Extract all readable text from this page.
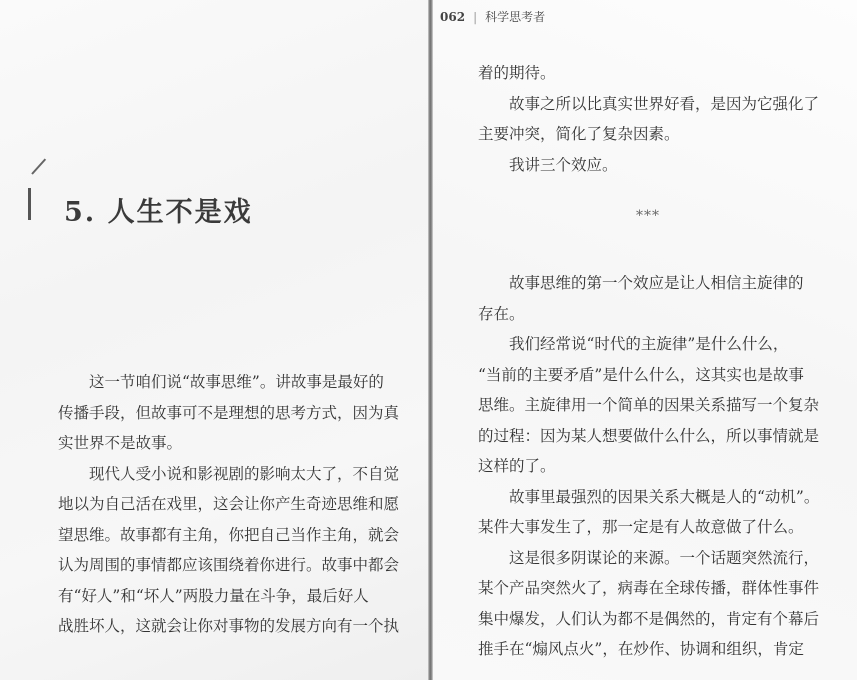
5. 人生不是戏

这一节咱们说“故事思维”。讲故事是最好的

传播手段，但故事可不是理想的思考方式，因为真

实世界不是故事。

现代人受小说和影视剧的影响太大了，不自觉

地以为自己活在戏里，这会让你产生奇迹思维和愿

望思维。故事都有主角，你把自己当作主角，就会

认为周围的事情都应该围绕着你进行。故事中都会

有“好人”和“坏人”两股力量在斗争，最后好人

战胜坏人，这就会让你对事物的发展方向有一个执

062 | 科学思考者

着的期待。

故事之所以比真实世界好看，是因为它强化了

主要冲突，简化了复杂因素。

我讲三个效应。

***

故事思维的第一个效应是让人相信主旋律的

存在。

我们经常说“时代的主旋律”是什么什么，

“当前的主要矛盾”是什么什么，这其实也是故事

思维。主旋律用一个简单的因果关系描写一个复杂

的过程：因为某人想要做什么什么，所以事情就是

这样的了。

故事里最强烈的因果关系大概是人的“动机”。

某件大事发生了，那一定是有人故意做了什么。

这是很多阴谋论的来源。一个话题突然流行，

某个产品突然火了，病毒在全球传播，群体性事件

集中爆发，人们认为都不是偶然的，肯定有个幕后

推手在“煽风点火”，在炒作、协调和组织，肯定
